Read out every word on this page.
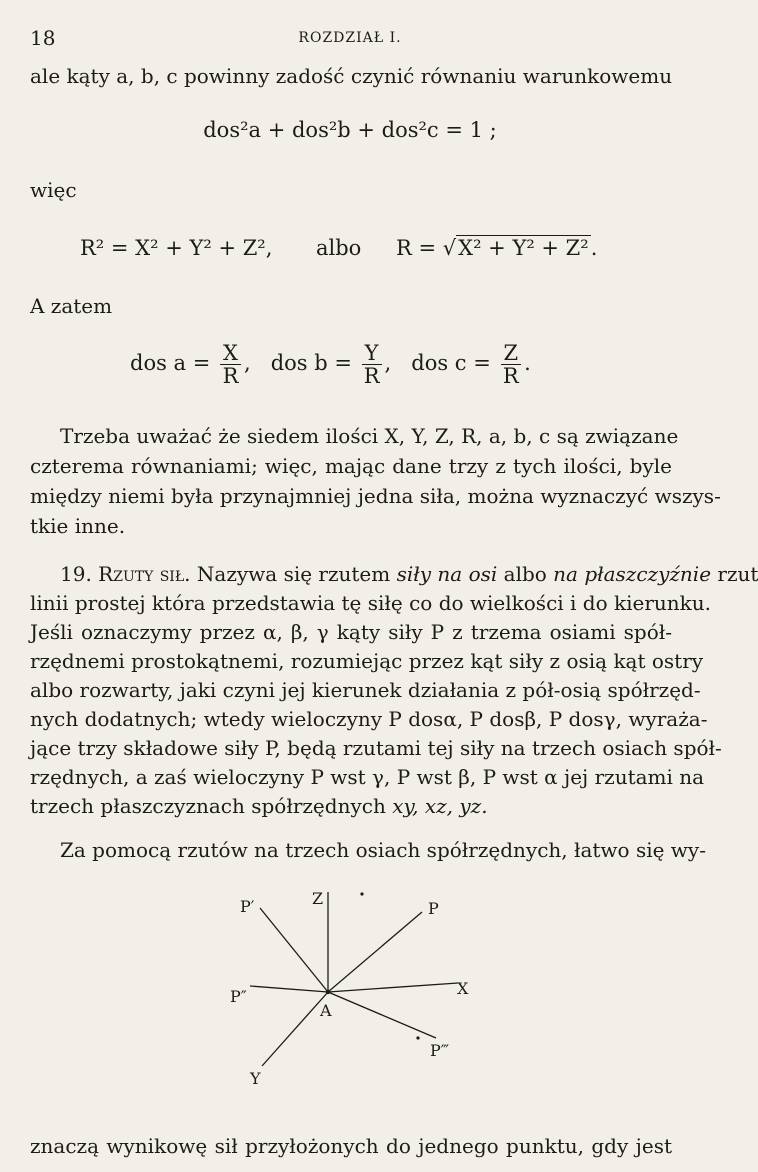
18	ROZDZIAŁ I.
ale kąty a, b, c powinny zadość czynić równaniu warunkowemu
dos²a + dos²b + dos²c = 1 ;
więc
R² = X² + Y² + Z², albo R = √X² + Y² + Z².
A zatem
dos $a = \frac{X}{R}$ , dos $b = \frac{Y}{R}$ , dos $c = \frac{Z}{R}$ .
Trzeba uważać że siedem ilości X, Y, Z, R, a, b, c są związane
czterema równaniami; więc, mając dane trzy z tych ilości, byle
między niemi była przynajmniej jedna siła, można wyznaczyć wszys-
tkie inne.
19. Rzuty sił. Nazywa się rzutem siły na osi albo na płaszczyźnie rzut
linii prostej która przedstawia tę siłę co do wielkości i do kierunku.
Jeśli oznaczymy przez α, β, γ kąty siły P z trzema osiami spół-
rzędnemi prostokątnemi, rozumiejąc przez kąt siły z osią kąt ostry
albo rozwarty, jaki czyni jej kierunek działania z pół-osią spółrzęd-
nych dodatnych; wtedy wieloczyny P dosα, P dosβ, P dosγ, wyraża-
jące trzy składowe siły P, będą rzutami tej siły na trzech osiach spół-
rzędnych, a zaś wieloczyny P wst γ, P wst β, P wst α jej rzutami na
trzech płaszczyznach spółrzędnych xy, xz, yz.
Za pomocą rzutów na trzech osiach spółrzędnych, łatwo się wy-
Z
P
P′
P″
P‴
X
Y
A
znaczą wynikowę sił przyłożonych do jednego punktu, gdy jest
